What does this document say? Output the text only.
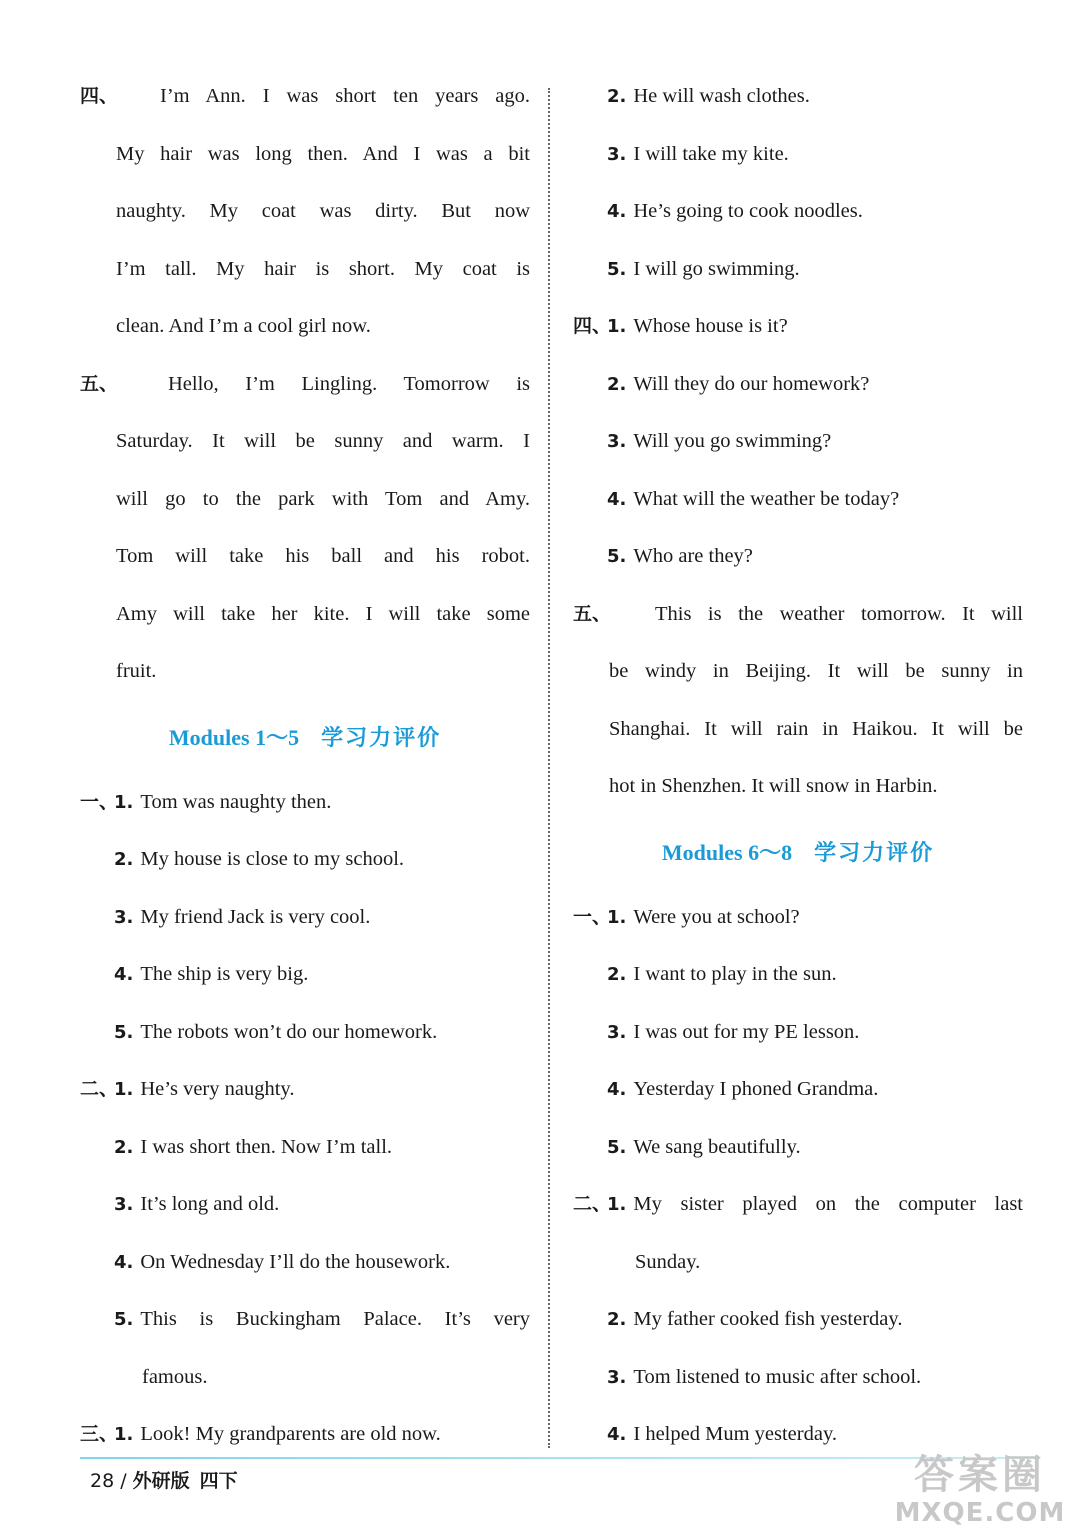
四、 I’m Ann. I was short ten years ago.
My hair was long then. And I was a bit
naughty. My coat was dirty. But now
I’m tall. My hair is short. My coat is
clean. And I’m a cool girl now.
五、 Hello, I’m Lingling. Tomorrow is
Saturday. It will be sunny and warm. I
will go to the park with Tom and Amy.
Tom will take his ball and his robot.
Amy will take her kite. I will take some
fruit.
Modules 1～5 学习力评价
一、
1. Tom was naughty then.
2. My house is close to my school.
3. My friend Jack is very cool.
4. The ship is very big.
5. The robots won’t do our homework.
二、
1. He’s very naughty.
2. I was short then. Now I’m tall.
3. It’s long and old.
4. On Wednesday I’ll do the housework.
5. This is Buckingham Palace. It’s very
famous.
三、
1. Look! My grandparents are old now.
2. He will wash clothes.
3. I will take my kite.
4. He’s going to cook noodles.
5. I will go swimming.
四、
1. Whose house is it?
2. Will they do our homework?
3. Will you go swimming?
4. What will the weather be today?
5. Who are they?
五、 This is the weather tomorrow. It will
be windy in Beijing. It will be sunny in
Shanghai. It will rain in Haikou. It will be
hot in Shenzhen. It will snow in Harbin.
Modules 6～8 学习力评价
一、
1. Were you at school?
2. I want to play in the sun.
3. I was out for my PE lesson.
4. Yesterday I phoned Grandma.
5. We sang beautifully.
二、
1. My sister played on the computer last
Sunday.
2. My father cooked fish yesterday.
3. Tom listened to music after school.
4. I helped Mum yesterday.
28 / 外研版 四下	答案圈
MXQE.COM
